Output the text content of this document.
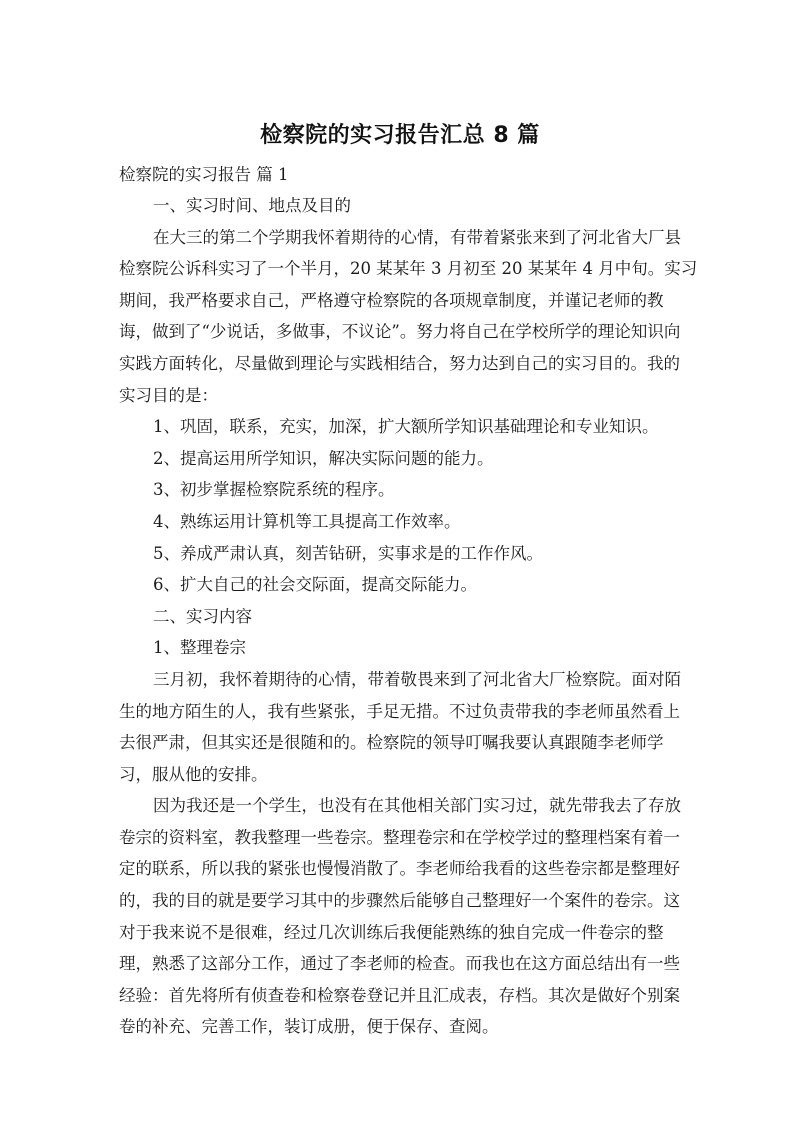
检察院的实习报告汇总 8 篇

检察院的实习报告 篇 1

一、实习时间、地点及目的

在大三的第二个学期我怀着期待的心情，有带着紧张来到了河北省大厂县

检察院公诉科实习了一个半月，20 某某年 3 月初至 20 某某年 4 月中旬。实习

期间，我严格要求自己，严格遵守检察院的各项规章制度，并谨记老师的教

诲，做到了“少说话，多做事，不议论”。努力将自己在学校所学的理论知识向

实践方面转化，尽量做到理论与实践相结合，努力达到自己的实习目的。我的

实习目的是：

1、巩固，联系，充实，加深，扩大额所学知识基础理论和专业知识。

2、提高运用所学知识，解决实际问题的能力。

3、初步掌握检察院系统的程序。

4、熟练运用计算机等工具提高工作效率。

5、养成严肃认真，刻苦钻研，实事求是的工作作风。

6、扩大自己的社会交际面，提高交际能力。

二、实习内容

1、整理卷宗

三月初，我怀着期待的心情，带着敬畏来到了河北省大厂检察院。面对陌

生的地方陌生的人，我有些紧张，手足无措。不过负责带我的李老师虽然看上

去很严肃，但其实还是很随和的。检察院的领导叮嘱我要认真跟随李老师学

习，服从他的安排。

因为我还是一个学生，也没有在其他相关部门实习过，就先带我去了存放

卷宗的资料室，教我整理一些卷宗。整理卷宗和在学校学过的整理档案有着一

定的联系，所以我的紧张也慢慢消散了。李老师给我看的这些卷宗都是整理好

的，我的目的就是要学习其中的步骤然后能够自己整理好一个案件的卷宗。这

对于我来说不是很难，经过几次训练后我便能熟练的独自完成一件卷宗的整

理，熟悉了这部分工作，通过了李老师的检查。而我也在这方面总结出有一些

经验：首先将所有侦查卷和检察卷登记并且汇成表，存档。其次是做好个别案

卷的补充、完善工作，装订成册，便于保存、查阅。
